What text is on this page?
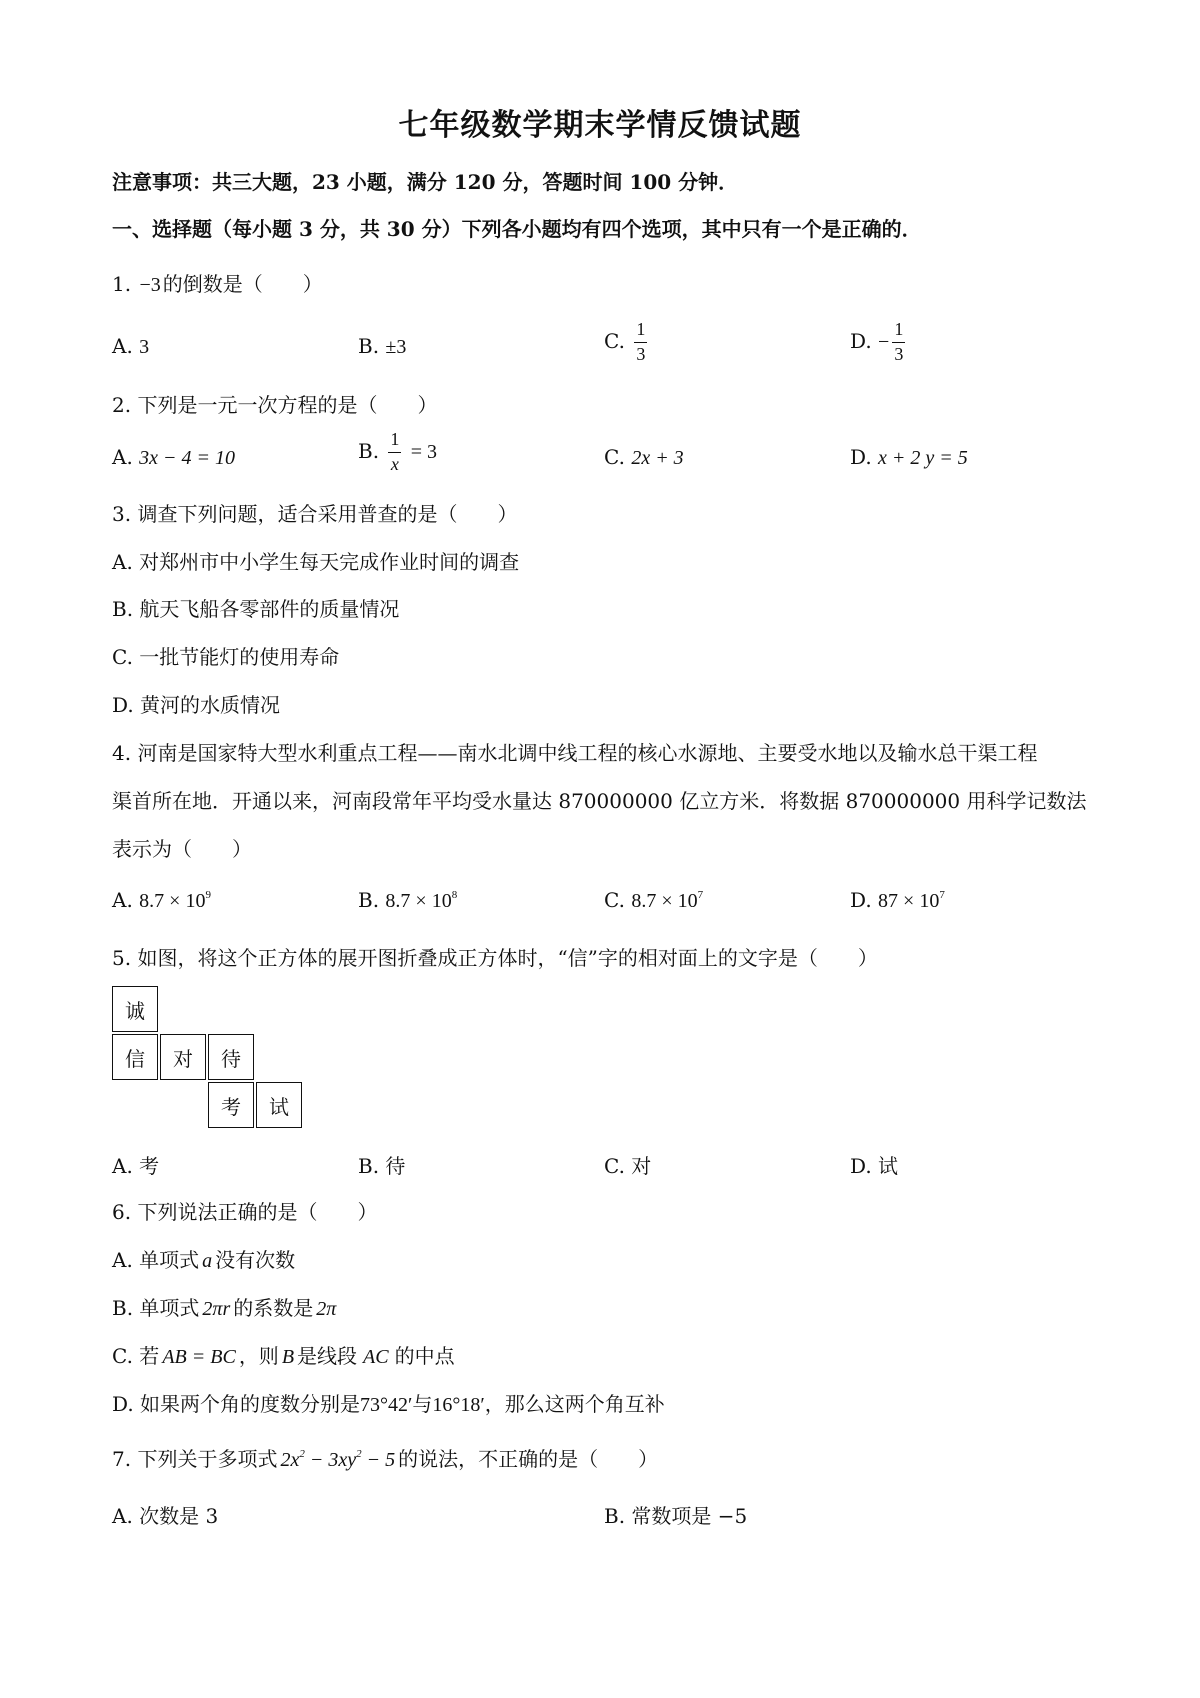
七年级数学期末学情反馈试题
注意事项：共三大题，23 小题，满分 120 分，答题时间 100 分钟．
一、选择题（每小题 3 分，共 30 分）下列各小题均有四个选项，其中只有一个是正确的．
1. −3 的倒数是（　　）
A. 3	B. ±3	C. $\frac{1}{3}$	D. − $\frac{1}{3}$
2. 下列是一元一次方程的是（　　）
A. 3x − 4 = 10	B. $\frac{1}{x} = 3$	C. 2x + 3	D. x + 2 y = 5
3. 调查下列问题，适合采用普查的是（　　）
A. 对郑州市中小学生每天完成作业时间的调查
B. 航天飞船各零部件的质量情况
C. 一批节能灯的使用寿命
D. 黄河的水质情况
4. 河南是国家特大型水利重点工程——南水北调中线工程的核心水源地、主要受水地以及输水总干渠工程
渠首所在地．开通以来，河南段常年平均受水量达 870000000 亿立方米．将数据 870000000 用科学记数法
表示为（　　）
A. $8.7 \times 10^9$	B. $8.7 \times 10^8$	C. $8.7 \times 10^7$	D. $87 \times 10^7$
5. 如图，将这个正方体的展开图折叠成正方体时，“信”字的相对面上的文字是（　　）
诚
信	对	待
考	试
A. 考	B. 待	C. 对	D. 试
6. 下列说法正确的是（　　）
A. 单项式 a 没有次数
B. 单项式 2πr 的系数是 2π
C. 若 AB = BC ，则 B 是线段 AC 的中点
D. 如果两个角的度数分别是73°42′与16°18′，那么这两个角互补
7. 下列关于多项式 $2x^2 - 3xy^2 - 5$ 的说法，不正确的是（　　）
A. 次数是 3	B. 常数项是 −5
